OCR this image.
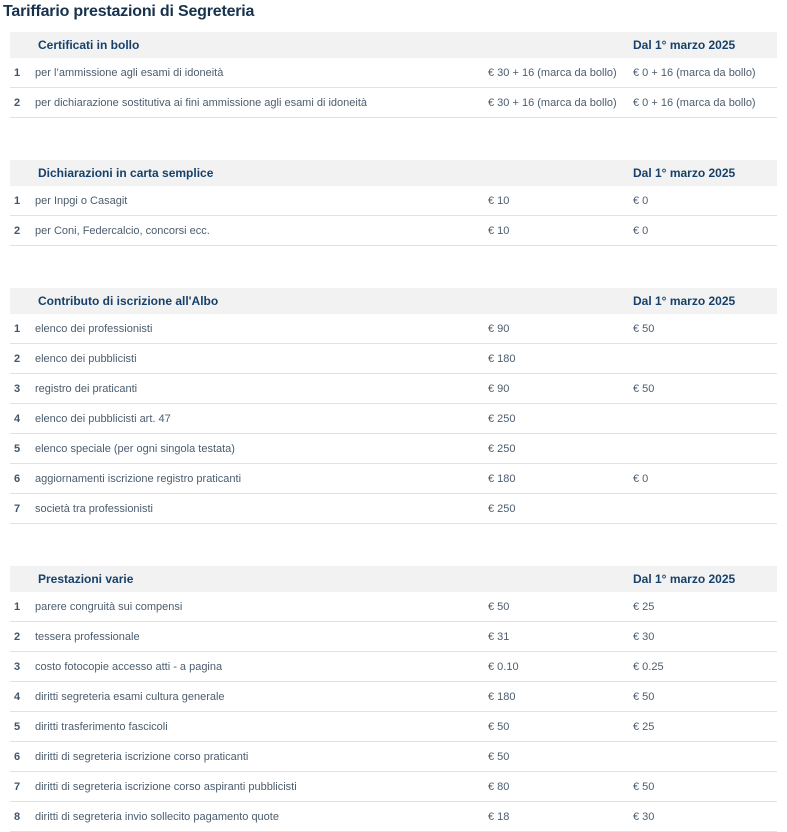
Tariffario prestazioni di Segreteria
Certificati in bollo	Dal 1° marzo 2025
1	per l’ammissione agli esami di idoneità	€ 30 + 16 (marca da bollo)	€ 0 + 16 (marca da bollo)
2	per dichiarazione sostitutiva ai fini ammissione agli esami di idoneità	€ 30 + 16 (marca da bollo)	€ 0 + 16 (marca da bollo)
Dichiarazioni in carta semplice	Dal 1° marzo 2025
1	per Inpgi o Casagit	€ 10	€ 0
2	per Coni, Federcalcio, concorsi ecc.	€ 10	€ 0
Contributo di iscrizione all'Albo	Dal 1° marzo 2025
1	elenco dei professionisti	€ 90	€ 50
2	elenco dei pubblicisti	€ 180
3	registro dei praticanti	€ 90	€ 50
4	elenco dei pubblicisti art. 47	€ 250
5	elenco speciale (per ogni singola testata)	€ 250
6	aggiornamenti iscrizione registro praticanti	€ 180	€ 0
7	società tra professionisti	€ 250
Prestazioni varie	Dal 1° marzo 2025
1	parere congruità sui compensi	€ 50	€ 25
2	tessera professionale	€ 31	€ 30
3	costo fotocopie accesso atti - a pagina	€ 0.10	€ 0.25
4	diritti segreteria esami cultura generale	€ 180	€ 50
5	diritti trasferimento fascicoli	€ 50	€ 25
6	diritti di segreteria iscrizione corso praticanti	€ 50
7	diritti di segreteria iscrizione corso aspiranti pubblicisti	€ 80	€ 50
8	diritti di segreteria invio sollecito pagamento quote	€ 18	€ 30
